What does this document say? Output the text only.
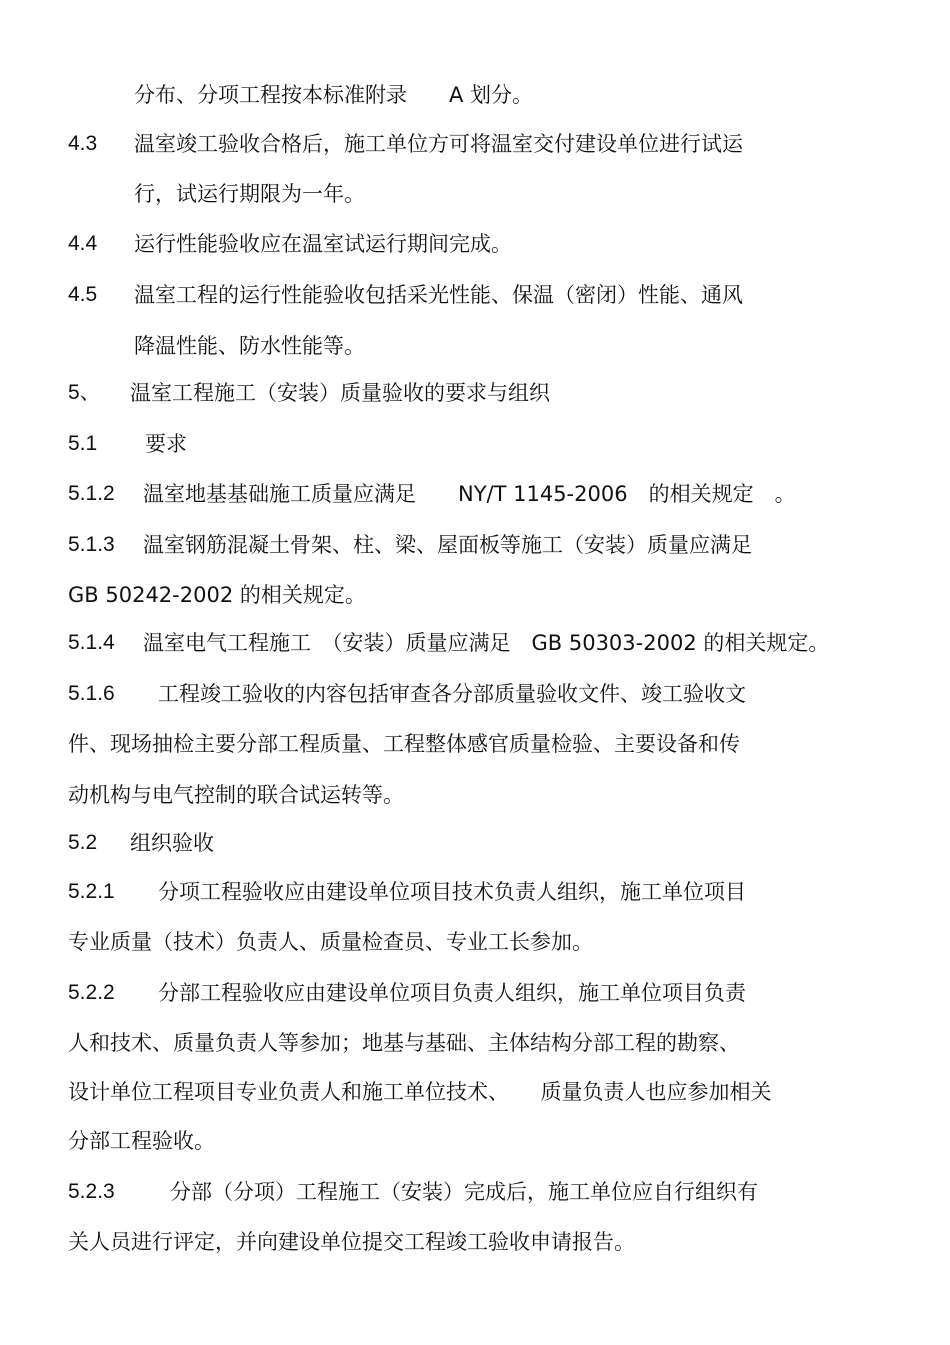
分布、分项工程按本标准附录　　A 划分。
4.3 温室竣工验收合格后，施工单位方可将温室交付建设单位进行试运
行，试运行期限为一年。
4.4 运行性能验收应在温室试运行期间完成。
4.5 温室工程的运行性能验收包括采光性能、保温（密闭）性能、通风
降温性能、防水性能等。
5、 温室工程施工（安装）质量验收的要求与组织
5.1 要求
5.1.2 温室地基基础施工质量应满足　　NY/T 1145-2006　的相关规定　。
5.1.3 温室钢筋混凝土骨架、柱、梁、屋面板等施工（安装）质量应满足
GB 50242-2002 的相关规定。
5.1.4 温室电气工程施工　（安装）质量应满足　GB 50303-2002 的相关规定。
5.1.6 工程竣工验收的内容包括审查各分部质量验收文件、竣工验收文
件、现场抽检主要分部工程质量、工程整体感官质量检验、主要设备和传
动机构与电气控制的联合试运转等。
5.2 组织验收
5.2.1 分项工程验收应由建设单位项目技术负责人组织，施工单位项目
专业质量（技术）负责人、质量检查员、专业工长参加。
5.2.2 分部工程验收应由建设单位项目负责人组织，施工单位项目负责
人和技术、质量负责人等参加；地基与基础、主体结构分部工程的勘察、
设计单位工程项目专业负责人和施工单位技术、　　质量负责人也应参加相关
分部工程验收。
5.2.3	分部（分项）工程施工（安装）完成后，施工单位应自行组织有
关人员进行评定，并向建设单位提交工程竣工验收申请报告。
